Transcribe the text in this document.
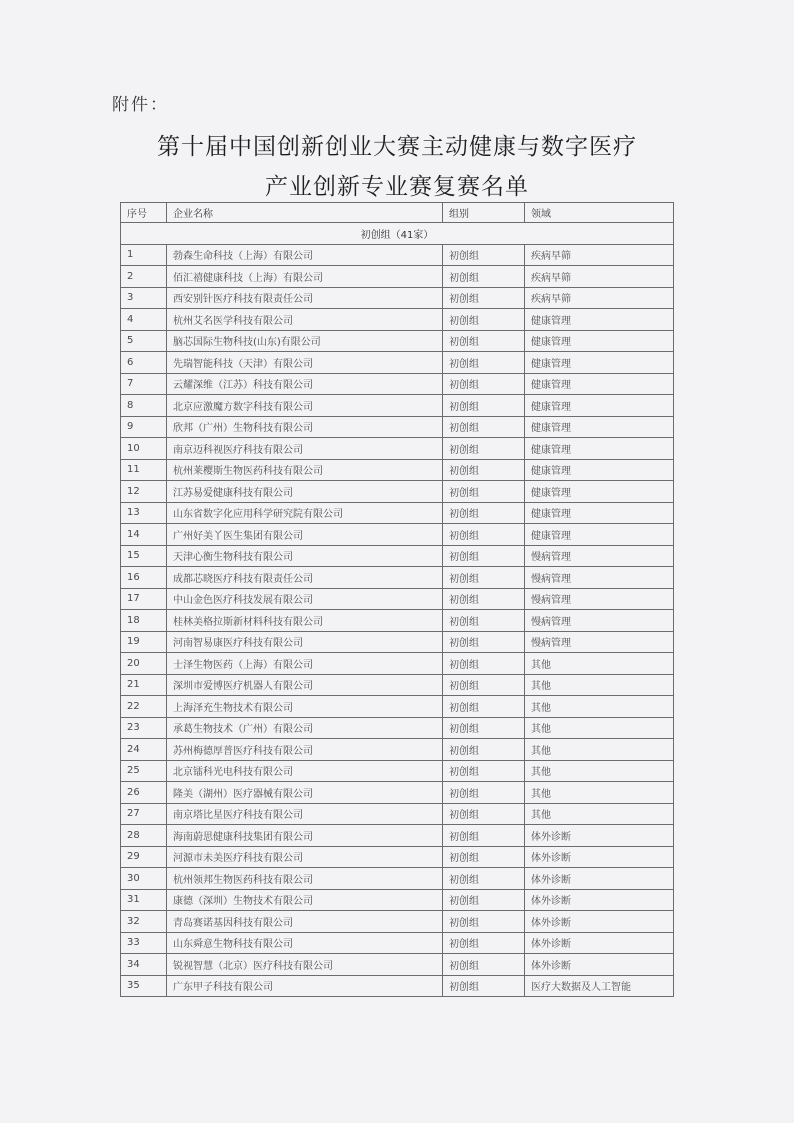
附件：
第十届中国创新创业大赛主动健康与数字医疗
产业创新专业赛复赛名单
序号	企业名称	组别	领域
初创组（41家）			
1	勃森生命科技（上海）有限公司	初创组	疾病早筛
2	佰汇禧健康科技（上海）有限公司	初创组	疾病早筛
3	西安别针医疗科技有限责任公司	初创组	疾病早筛
4	杭州艾名医学科技有限公司	初创组	健康管理
5	脑芯国际生物科技(山东)有限公司	初创组	健康管理
6	先瑞智能科技（天津）有限公司	初创组	健康管理
7	云耀深维（江苏）科技有限公司	初创组	健康管理
8	北京应激魔方数字科技有限公司	初创组	健康管理
9	欣邦（广州）生物科技有限公司	初创组	健康管理
10	南京迈科视医疗科技有限公司	初创组	健康管理
11	杭州莱樱斯生物医药科技有限公司	初创组	健康管理
12	江苏易爱健康科技有限公司	初创组	健康管理
13	山东省数字化应用科学研究院有限公司	初创组	健康管理
14	广州好美丫医生集团有限公司	初创组	健康管理
15	天津心衡生物科技有限公司	初创组	慢病管理
16	成都芯晓医疗科技有限责任公司	初创组	慢病管理
17	中山金色医疗科技发展有限公司	初创组	慢病管理
18	桂林美格拉斯新材料科技有限公司	初创组	慢病管理
19	河南智易康医疗科技有限公司	初创组	慢病管理
20	士泽生物医药（上海）有限公司	初创组	其他
21	深圳市爱博医疗机器人有限公司	初创组	其他
22	上海泽充生物技术有限公司	初创组	其他
23	承葛生物技术（广州）有限公司	初创组	其他
24	苏州梅德厚普医疗科技有限公司	初创组	其他
25	北京镭科光电科技有限公司	初创组	其他
26	隆美（湖州）医疗器械有限公司	初创组	其他
27	南京塔比星医疗科技有限公司	初创组	其他
28	海南蔚思健康科技集团有限公司	初创组	体外诊断
29	河源市未美医疗科技有限公司	初创组	体外诊断
30	杭州领邦生物医药科技有限公司	初创组	体外诊断
31	康德（深圳）生物技术有限公司	初创组	体外诊断
32	青岛赛诺基因科技有限公司	初创组	体外诊断
33	山东舜意生物科技有限公司	初创组	体外诊断
34	锐视智慧（北京）医疗科技有限公司	初创组	体外诊断
35	广东甲子科技有限公司	初创组	医疗大数据及人工智能
